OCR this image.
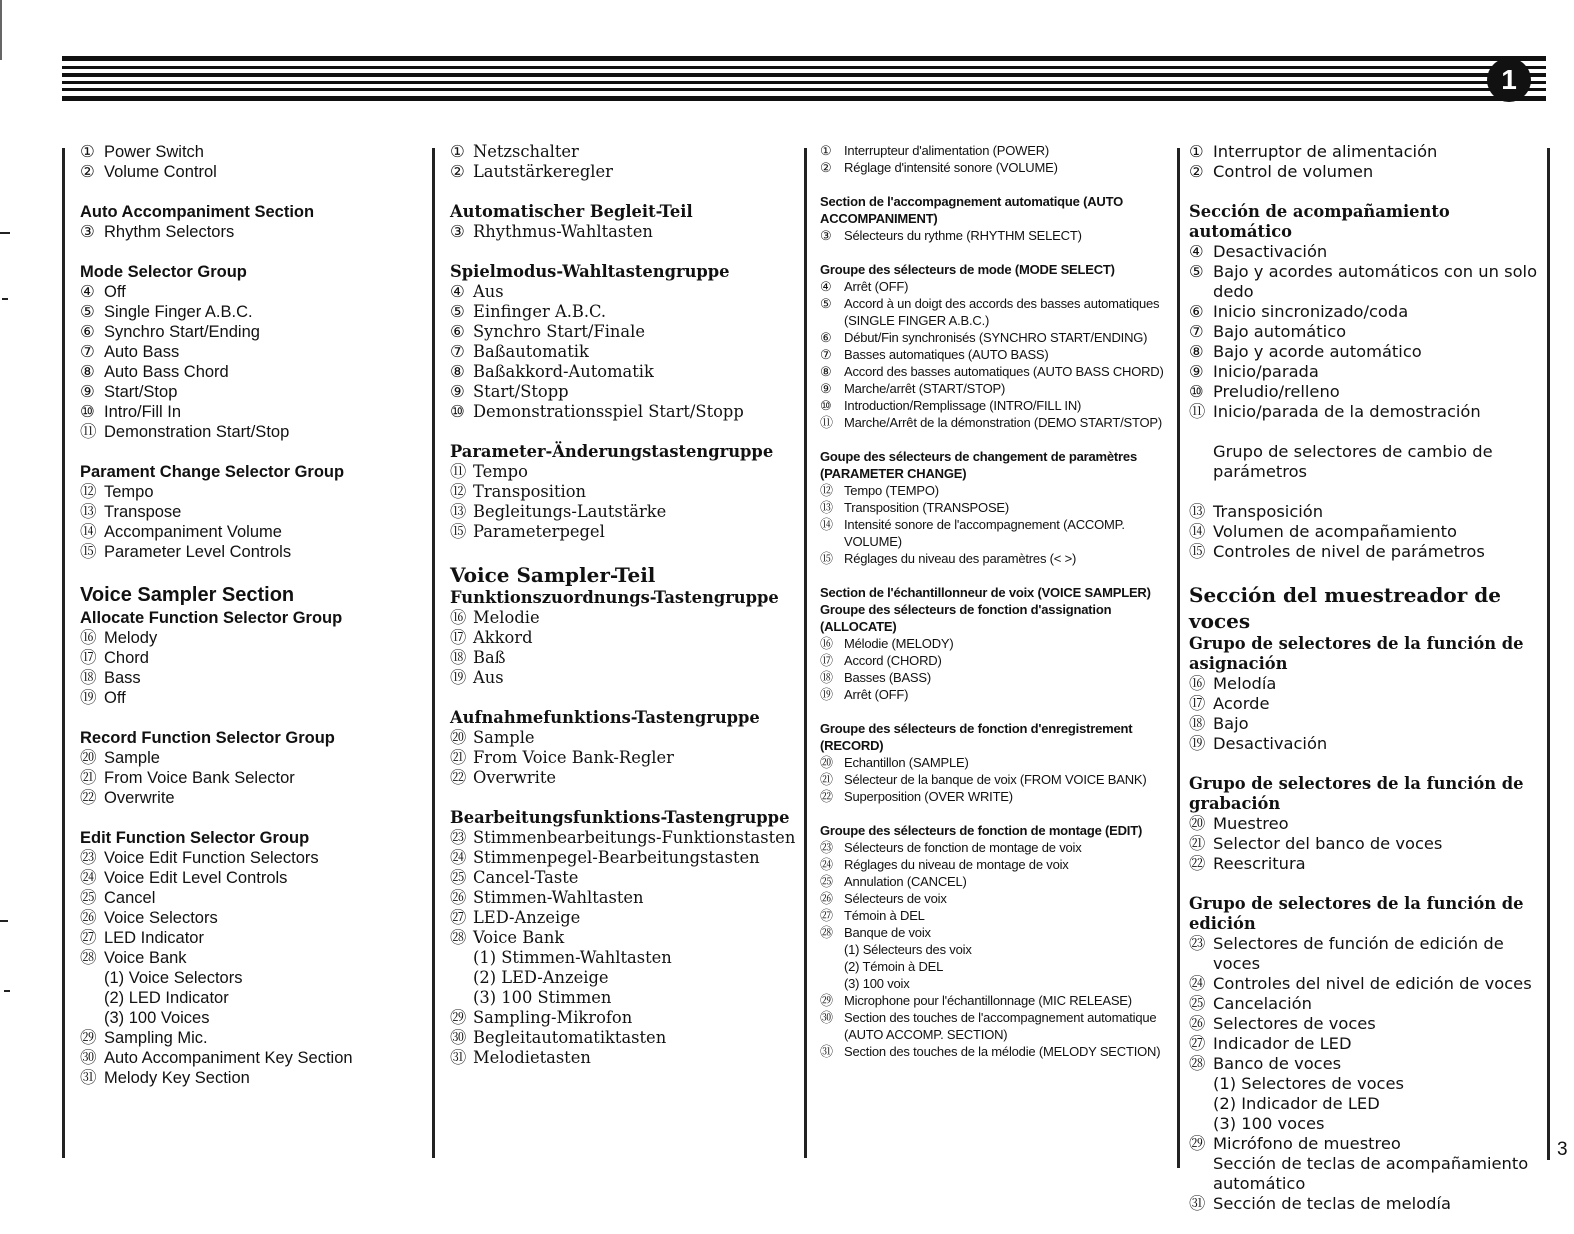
1
3
① Power Switch
② Volume Control
Auto Accompaniment Section
③ Rhythm Selectors
Mode Selector Group
④ Off
⑤ Single Finger A.B.C.
⑥ Synchro Start/Ending
⑦ Auto Bass
⑧ Auto Bass Chord
⑨ Start/Stop
⑩ Intro/Fill In
⑪ Demonstration Start/Stop
Parament Change Selector Group
⑫ Tempo
⑬ Transpose
⑭ Accompaniment Volume
⑮ Parameter Level Controls
Voice Sampler Section
Allocate Function Selector Group
⑯ Melody
⑰ Chord
⑱ Bass
⑲ Off
Record Function Selector Group
⑳ Sample
㉑ From Voice Bank Selector
㉒ Overwrite
Edit Function Selector Group
㉓ Voice Edit Function Selectors
㉔ Voice Edit Level Controls
㉕ Cancel
㉖ Voice Selectors
㉗ LED Indicator
㉘ Voice Bank
(1) Voice Selectors
(2) LED Indicator
(3) 100 Voices
㉙ Sampling Mic.
㉚ Auto Accompaniment Key Section
㉛ Melody Key Section
① Netzschalter
② Lautstärkeregler
Automatischer Begleit-Teil
③ Rhythmus-Wahltasten
Spielmodus-Wahltastengruppe
④ Aus
⑤ Einfinger A.B.C.
⑥ Synchro Start/Finale
⑦ Baßautomatik
⑧ Baßakkord-Automatik
⑨ Start/Stopp
⑩ Demonstrationsspiel Start/Stopp
Parameter-Änderungstastengruppe
⑪ Tempo
⑫ Transposition
⑬ Begleitungs-Lautstärke
⑮ Parameterpegel
Voice Sampler-Teil
Funktionszuordnungs-Tastengruppe
⑯ Melodie
⑰ Akkord
⑱ Baß
⑲ Aus
Aufnahmefunktions-Tastengruppe
⑳ Sample
㉑ From Voice Bank-Regler
㉒ Overwrite
Bearbeitungsfunktions-Tastengruppe
㉓ Stimmenbearbeitungs-Funktionstasten
㉔ Stimmenpegel-Bearbeitungstasten
㉕ Cancel-Taste
㉖ Stimmen-Wahltasten
㉗ LED-Anzeige
㉘ Voice Bank
(1) Stimmen-Wahltasten
(2) LED-Anzeige
(3) 100 Stimmen
㉙ Sampling-Mikrofon
㉚ Begleitautomatiktasten
㉛ Melodietasten
① Interrupteur d'alimentation (POWER)
② Réglage d'intensité sonore (VOLUME)
Section de l'accompagnement automatique (AUTO ACCOMPANIMENT)
③ Sélecteurs du rythme (RHYTHM SELECT)
Groupe des sélecteurs de mode (MODE SELECT)
④ Arrêt (OFF)
⑤ Accord à un doigt des accords des basses automatiques (SINGLE FINGER A.B.C.)
⑥ Début/Fin synchronisés (SYNCHRO START/ENDING)
⑦ Basses automatiques (AUTO BASS)
⑧ Accord des basses automatiques (AUTO BASS CHORD)
⑨ Marche/arrêt (START/STOP)
⑩ Introduction/Remplissage (INTRO/FILL IN)
⑪ Marche/Arrêt de la démonstration (DEMO START/STOP)
Goupe des sélecteurs de changement de paramètres (PARAMETER CHANGE)
⑫ Tempo (TEMPO)
⑬ Transposition (TRANSPOSE)
⑭ Intensité sonore de l'accompagnement (ACCOMP. VOLUME)
⑮ Réglages du niveau des paramètres (< >)
Section de l'échantillonneur de voix (VOICE SAMPLER)
Groupe des sélecteurs de fonction d'assignation (ALLOCATE)
⑯ Mélodie (MELODY)
⑰ Accord (CHORD)
⑱ Basses (BASS)
⑲ Arrêt (OFF)
Groupe des sélecteurs de fonction d'enregistrement (RECORD)
⑳ Echantillon (SAMPLE)
㉑ Sélecteur de la banque de voix (FROM VOICE BANK)
㉒ Superposition (OVER WRITE)
Groupe des sélecteurs de fonction de montage (EDIT)
㉓ Sélecteurs de fonction de montage de voix
㉔ Réglages du niveau de montage de voix
㉕ Annulation (CANCEL)
㉖ Sélecteurs de voix
㉗ Témoin à DEL
㉘ Banque de voix
(1) Sélecteurs des voix
(2) Témoin à DEL
(3) 100 voix
㉙ Microphone pour l'échantillonnage (MIC RELEASE)
㉚ Section des touches de l'accompagnement automatique (AUTO ACCOMP. SECTION)
㉛ Section des touches de la mélodie (MELODY SECTION)
① Interruptor de alimentación
② Control de volumen
Sección de acompañamiento automático
④ Desactivación
⑤ Bajo y acordes automáticos con un solo dedo
⑥ Inicio sincronizado/coda
⑦ Bajo automático
⑧ Bajo y acorde automático
⑨ Inicio/parada
⑩ Preludio/relleno
⑪ Inicio/parada de la demostración
Grupo de selectores de cambio de parámetros
⑬ Transposición
⑭ Volumen de acompañamiento
⑮ Controles de nivel de parámetros
Sección del muestreador de voces
Grupo de selectores de la función de asignación
⑯ Melodía
⑰ Acorde
⑱ Bajo
⑲ Desactivación
Grupo de selectores de la función de grabación
⑳ Muestreo
㉑ Selector del banco de voces
㉒ Reescritura
Grupo de selectores de la función de edición
㉓ Selectores de función de edición de voces
㉔ Controles del nivel de edición de voces
㉕ Cancelación
㉖ Selectores de voces
㉗ Indicador de LED
㉘ Banco de voces
(1) Selectores de voces
(2) Indicador de LED
(3) 100 voces
㉙ Micrófono de muestreo
Sección de teclas de acompañamiento automático
㉛ Sección de teclas de melodía
